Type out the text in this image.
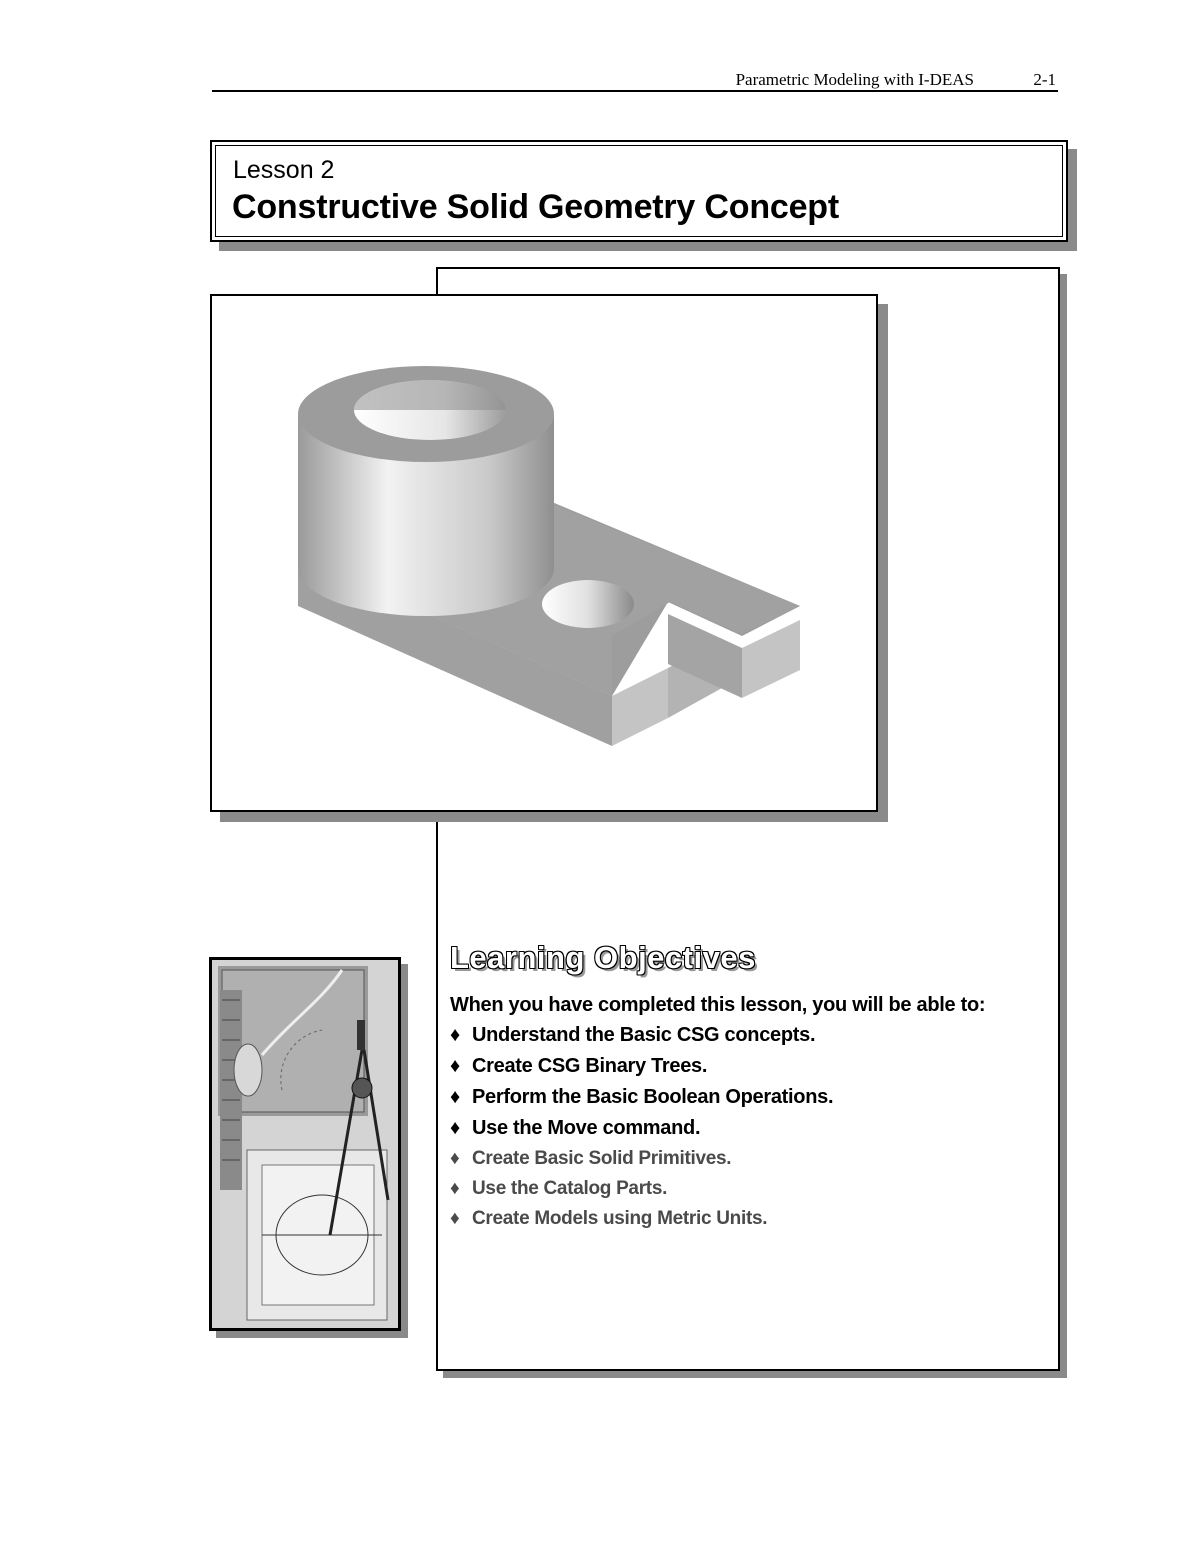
Parametric Modeling with I-DEAS	2-1
Lesson 2
Constructive Solid Geometry Concept
Learning Objectives
When you have completed this lesson, you will be able to:
♦ Understand the Basic CSG concepts.
♦ Create CSG Binary Trees.
♦ Perform the Basic Boolean Operations.
♦ Use the Move command.
♦ Create Basic Solid Primitives.
♦ Use the Catalog Parts.
♦ Create Models using Metric Units.
